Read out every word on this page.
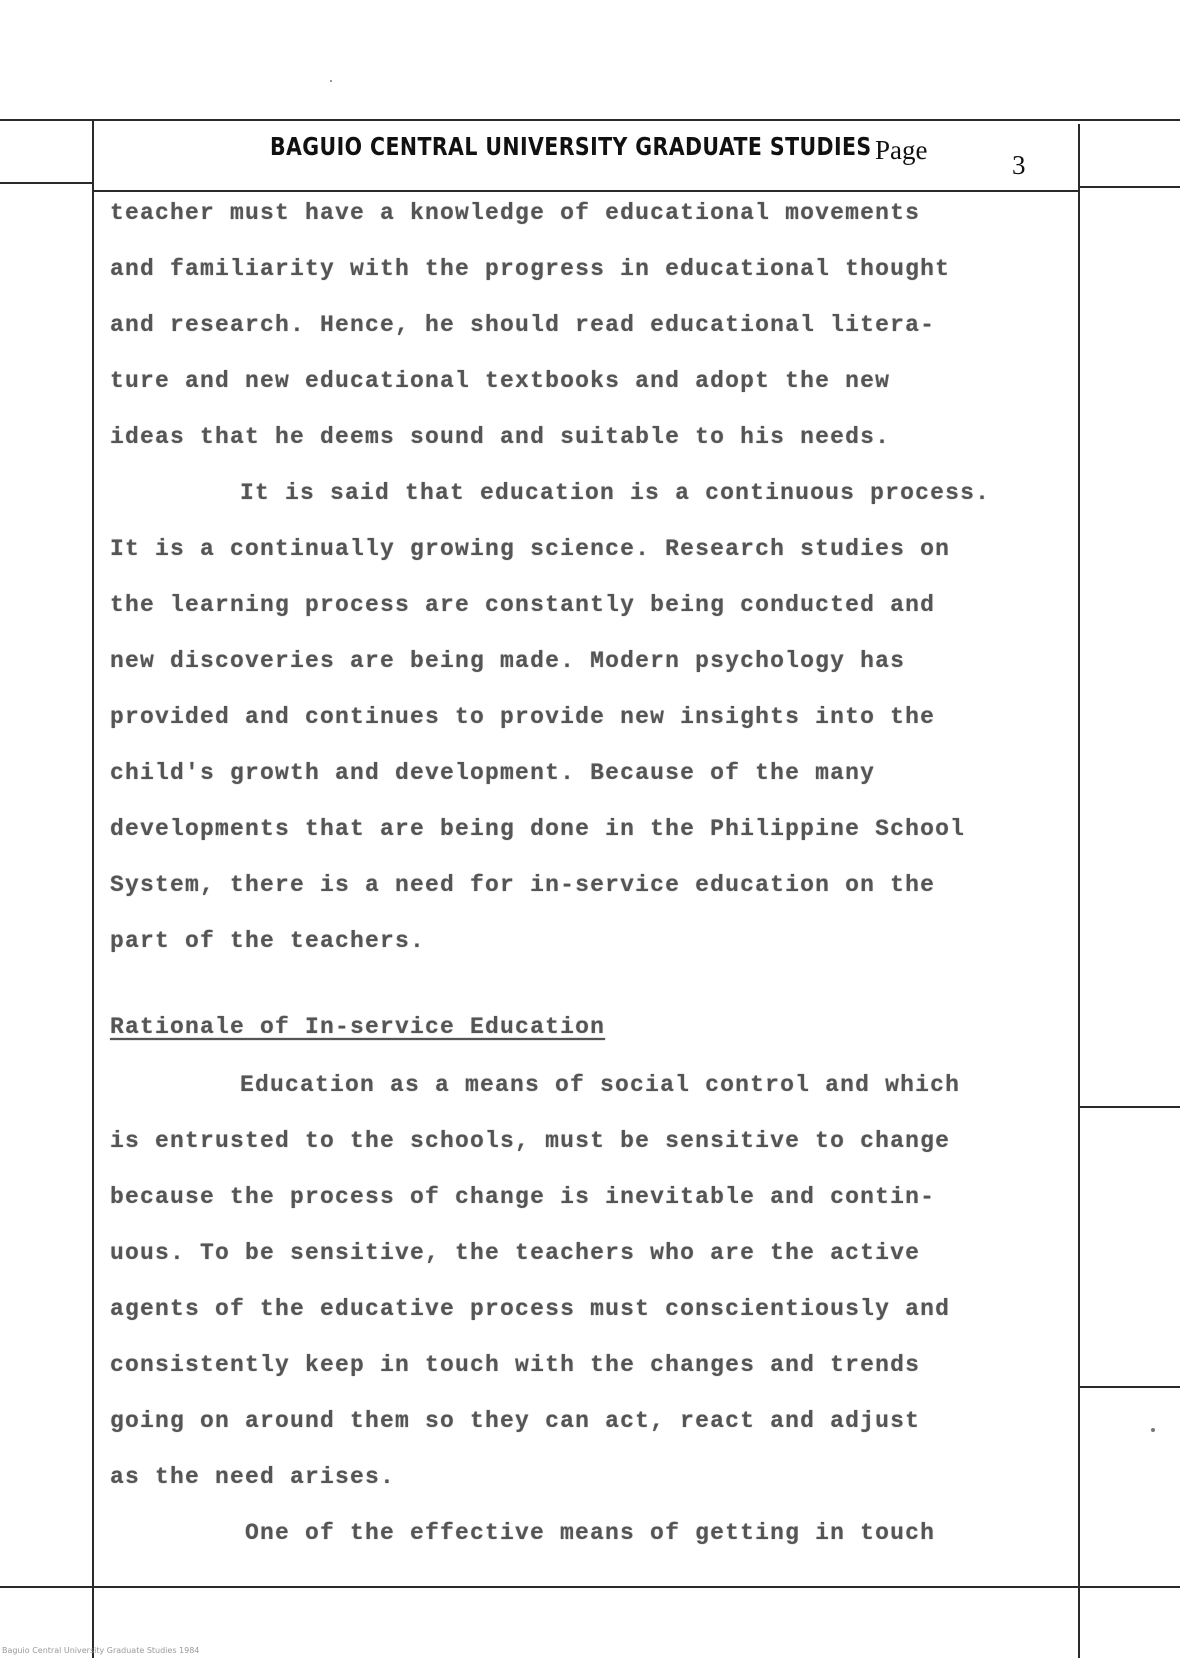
BAGUIO CENTRAL UNIVERSITY GRADUATE STUDIES Page	3
teacher must have a knowledge of educational movements
and familiarity with the progress in educational thought
and research. Hence, he should read educational litera-
ture and new educational textbooks and adopt the new
ideas that he deems sound and suitable to his needs.
It is said that education is a continuous process.
It is a continually growing science. Research studies on
the learning process are constantly being conducted and
new discoveries are being made. Modern psychology has
provided and continues to provide new insights into the
child's growth and development. Because of the many
developments that are being done in the Philippine School
System, there is a need for in-service education on the
part of the teachers.
Rationale of In-service Education
Education as a means of social control and which
is entrusted to the schools, must be sensitive to change
because the process of change is inevitable and contin-
uous. To be sensitive, the teachers who are the active
agents of the educative process must conscientiously and
consistently keep in touch with the changes and trends
going on around them so they can act, react and adjust
as the need arises.
One of the effective means of getting in touch
Baguio Central University Graduate Studies 1984
